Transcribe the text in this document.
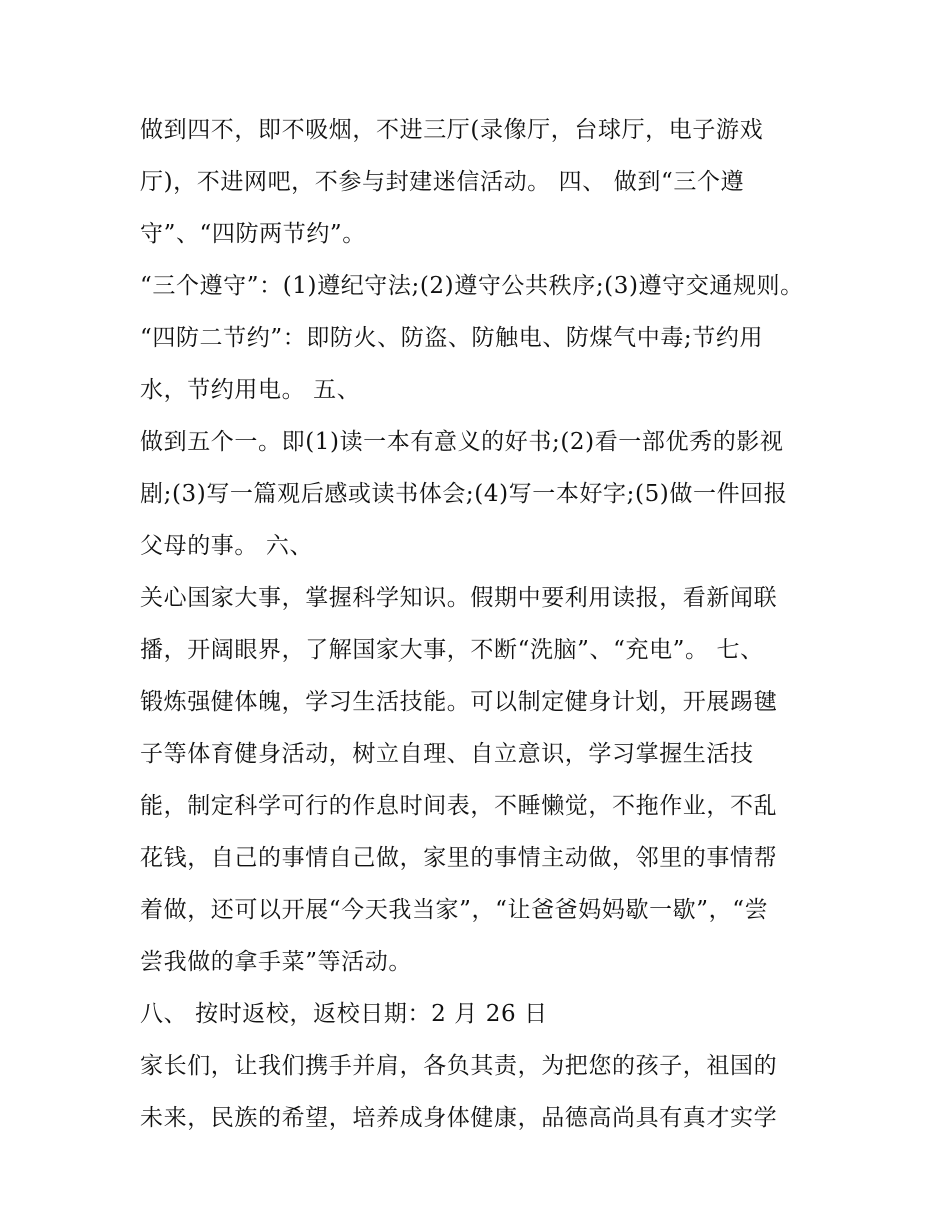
做到四不，即不吸烟，不进三厅(录像厅，台球厅，电子游戏
厅)，不进网吧，不参与封建迷信活动。 四、 做到“三个遵
守”、“四防两节约”。
“三个遵守”：(1)遵纪守法;(2)遵守公共秩序;(3)遵守交通规则。
“四防二节约”：即防火、防盗、防触电、防煤气中毒;节约用
水，节约用电。 五、
做到五个一。即(1)读一本有意义的好书;(2)看一部优秀的影视
剧;(3)写一篇观后感或读书体会;(4)写一本好字;(5)做一件回报
父母的事。 六、
关心国家大事，掌握科学知识。假期中要利用读报，看新闻联
播，开阔眼界，了解国家大事，不断“洗脑”、“充电”。 七、
锻炼强健体魄，学习生活技能。可以制定健身计划，开展踢毽
子等体育健身活动，树立自理、自立意识，学习掌握生活技
能，制定科学可行的作息时间表，不睡懒觉，不拖作业，不乱
花钱，自己的事情自己做，家里的事情主动做，邻里的事情帮
着做，还可以开展“今天我当家”，“让爸爸妈妈歇一歇”，“尝
尝我做的拿手菜”等活动。
八、 按时返校，返校日期：2 月 26 日
家长们，让我们携手并肩，各负其责，为把您的孩子，祖国的
未来，民族的希望，培养成身体健康，品德高尚具有真才实学
